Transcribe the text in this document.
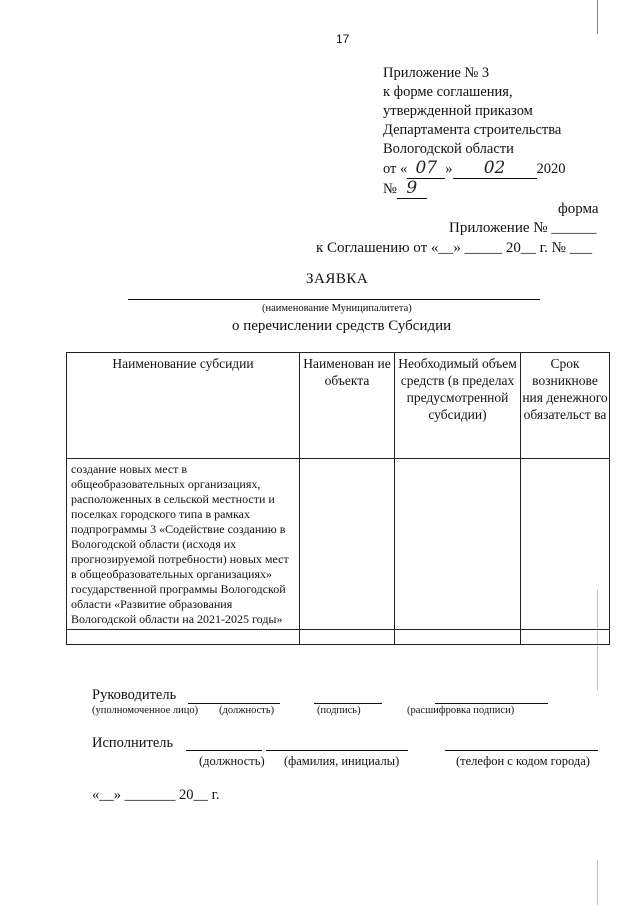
17
Приложение № 3
к форме соглашения,
утвержденной приказом
Департамента строительства
Вологодской области
от « 07 » 02 2020
№ 9
форма
Приложение № ______
к Соглашению от «__» _____ 20__ г. № ___
ЗАЯВКА
(наименование Муниципалитета)
о перечислении средств Субсидии
Наименование субсидии	Наименован ие объекта	Необходимый объем средств (в пределах предусмотренной субсидии)	Срок возникнове ния денежного обязательст ва
создание новых мест в общеобразовательных организациях, расположенных в сельской местности и поселках городского типа в рамках подпрограммы 3 «Содействие созданию в Вологодской области (исходя их прогнозируемой потребности) новых мест в общеобразовательных организациях» государственной программы Вологодской области «Развитие образования Вологодской области на 2021-2025 годы»			

Руководитель
(уполномоченное лицо) (должность)	(подпись)	(расшифровка подписи)
Исполнитель
(должность) (фамилия, инициалы)	(телефон с кодом города)
«__» _______ 20__ г.
